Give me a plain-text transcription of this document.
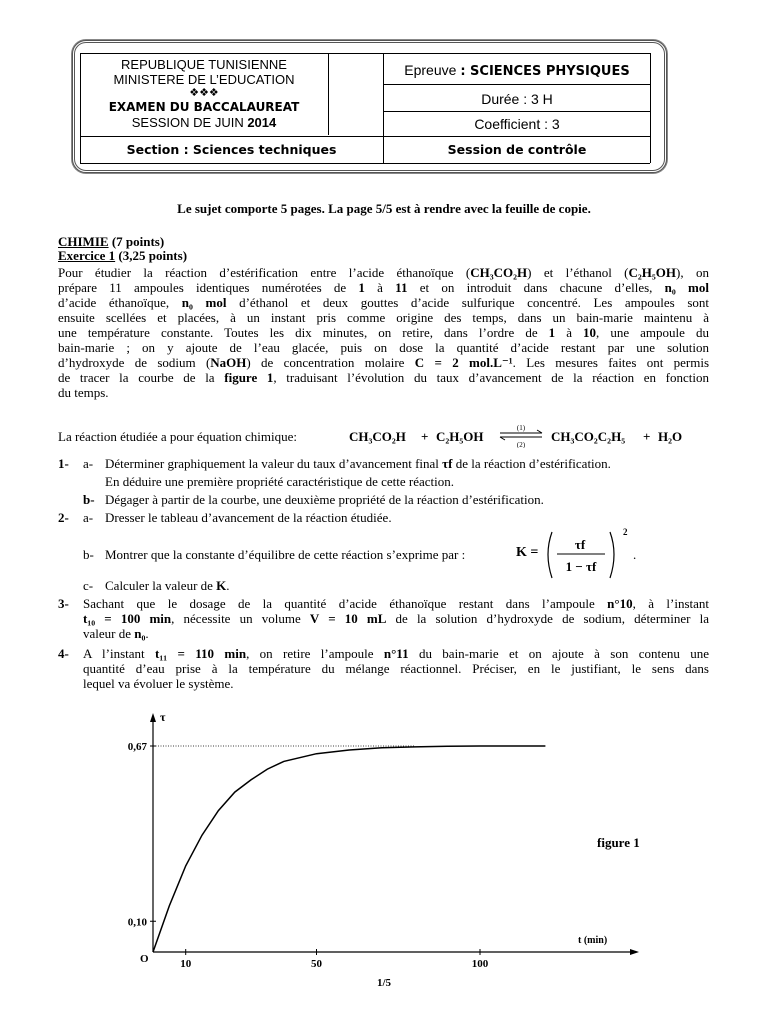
REPUBLIQUE TUNISIENNE
MINISTERE DE L’EDUCATION
❖❖❖
EXAMEN DU BACCALAUREAT
SESSION DE JUIN 2014
Epreuve : SCIENCES PHYSIQUES
Durée : 3 H
Coefficient : 3
Section : Sciences techniques	Session de contrôle
Le sujet comporte 5 pages. La page 5/5 est à rendre avec la feuille de copie.
CHIMIE (7 points)
Exercice 1 (3,25 points)
Pour étudier la réaction d’estérification entre l’acide éthanoïque (CH₃CO₂H) et l’éthanol (C₂H₅OH), on
prépare 11 ampoules identiques numérotées de 1 à 11 et on introduit dans chacune d’elles, n₀ mol
d’acide éthanoïque, n₀ mol d’éthanol et deux gouttes d’acide sulfurique concentré. Les ampoules sont
ensuite scellées et placées, à un instant pris comme origine des temps, dans un bain-marie maintenu à
une température constante. Toutes les dix minutes, on retire, dans l’ordre de 1 à 10, une ampoule du
bain-marie ; on y ajoute de l’eau glacée, puis on dose la quantité d’acide restant par une solution
d’hydroxyde de sodium (NaOH) de concentration molaire C = 2 mol.L⁻¹. Les mesures faites ont permis
de tracer la courbe de la figure 1, traduisant l’évolution du taux d’avancement de la réaction en fonction
du temps.
La réaction étudiée a pour équation chimique:	CH₃CO₂H + C₂H₅OH
(1)
(2)
CH₃CO₂C₂H₅ + H₂O
1- a- Déterminer graphiquement la valeur du taux d’avancement final τf de la réaction d’estérification.
En déduire une première propriété caractéristique de cette réaction.
b- Dégager à partir de la courbe, une deuxième propriété de la réaction d’estérification.
2- a- Dresser le tableau d’avancement de la réaction étudiée.
b- Montrer que la constante d’équilibre de cette réaction s’exprime par :	K =
τf
1 − τf
2
.
c- Calculer la valeur de K.
3- Sachant que le dosage de la quantité d’acide éthanoïque restant dans l’ampoule n°10, à l’instant
t₁₀ = 100 min, nécessite un volume V = 10 mL de la solution d’hydroxyde de sodium, déterminer la
valeur de n₀.
4- A l’instant t₁₁ = 110 min, on retire l’ampoule n°11 du bain-marie et on ajoute à son contenu une
quantité d’eau prise à la température du mélange réactionnel. Préciser, en le justifiant, le sens dans
lequel va évoluer le système.
τ
t (min)
O
0,67
0,10
10	50	100
figure 1
1/5
